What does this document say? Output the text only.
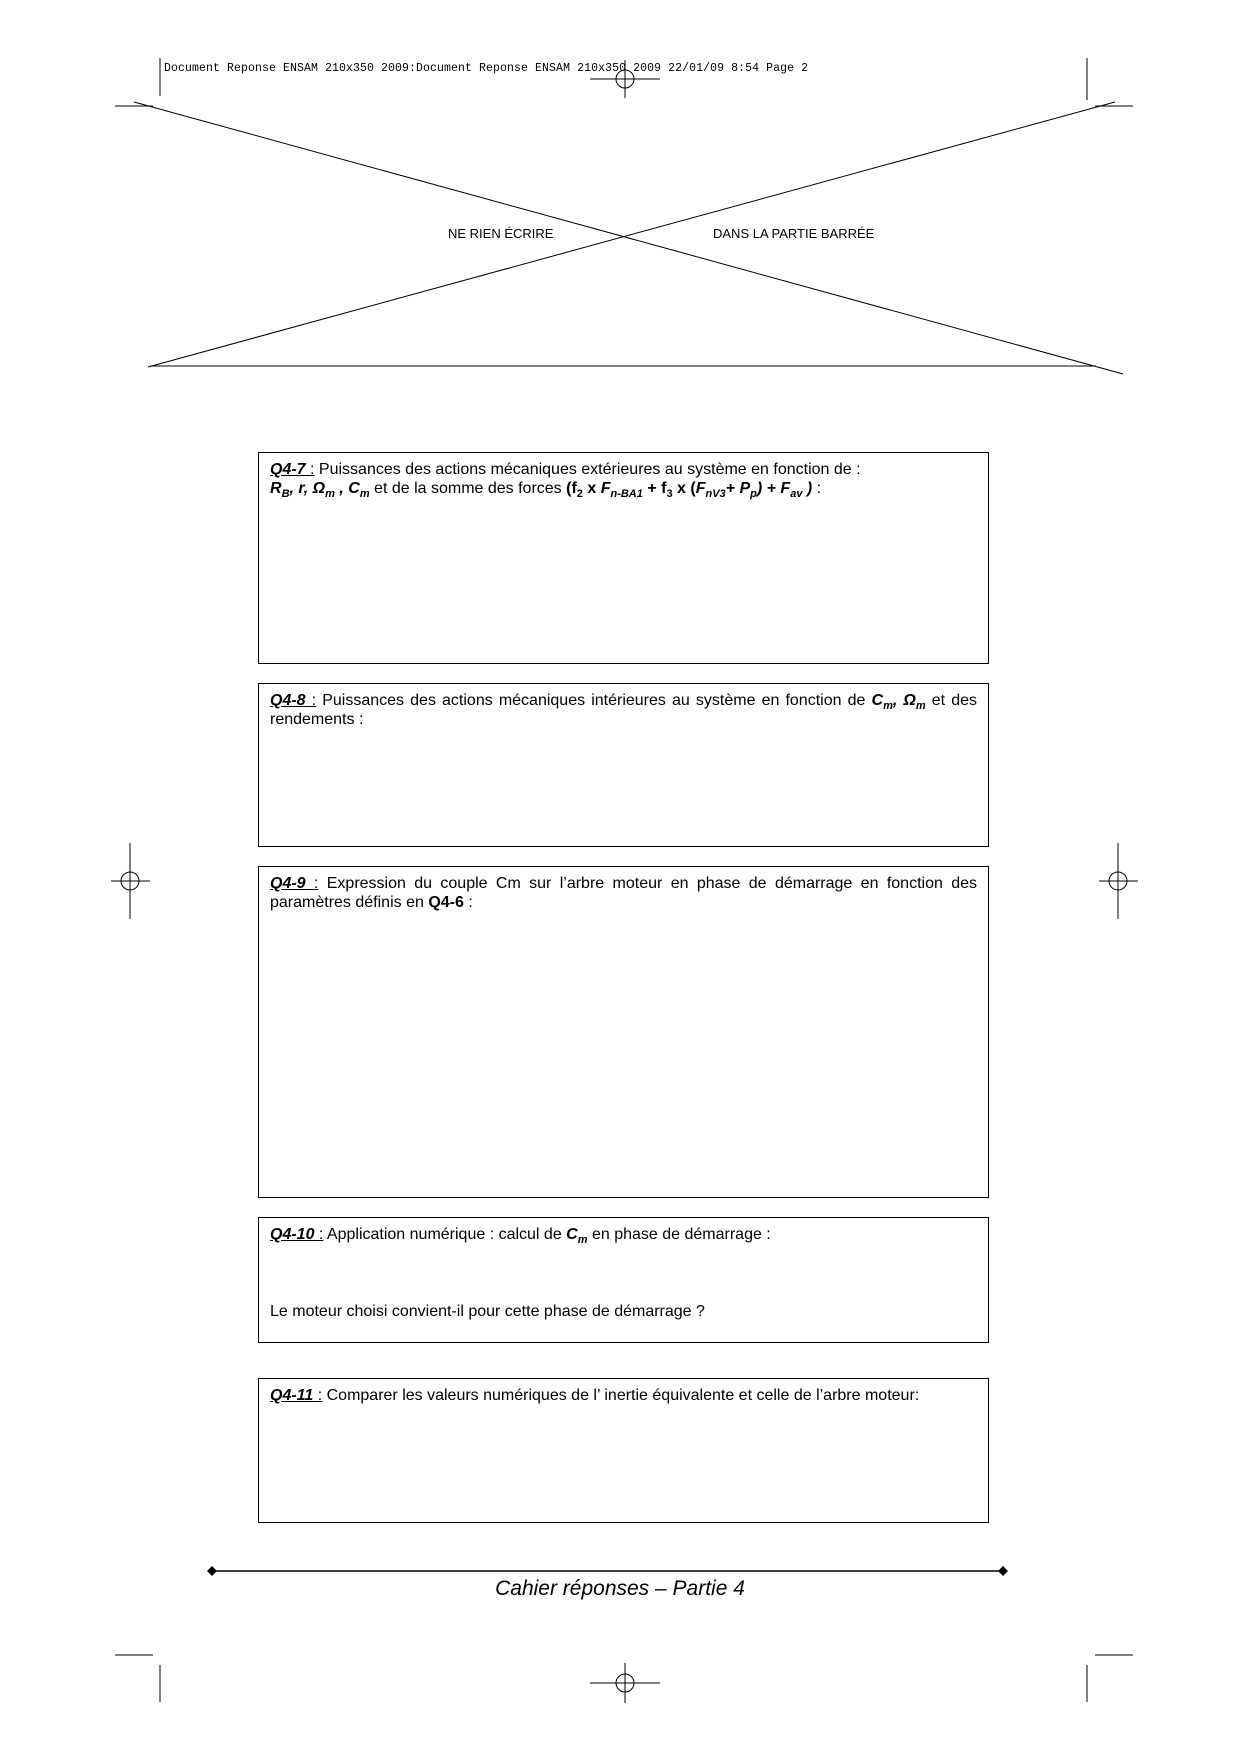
Document Reponse ENSAM 210x350 2009:Document Reponse ENSAM 210x350 2009 22/01/09 8:54 Page 2
NE RIEN ÉCRIRE	DANS LA PARTIE BARRÉE

Q4-7 : Puissances des actions mécaniques extérieures au système en fonction de :

$R_B$, r, $\Omega_m$ , $C_m$ et de la somme des forces ($f_2$ x $F_{n-BA1} + f_3$ x $(F_{nV3}+ P_p) + F_{av}$ ) :

Q4-8 : Puissances des actions mécaniques intérieures au système en fonction de $C_m$, $\Omega_m$ et des rendements :

Q4-9 : Expression du couple Cm sur l’arbre moteur en phase de démarrage en fonction des paramètres définis en Q4-6 :

Q4-10 : Application numérique : calcul de $C_m$ en phase de démarrage :

Le moteur choisi convient-il pour cette phase de démarrage ?

Q4-11 : Comparer les valeurs numériques de l’ inertie équivalente et celle de l’arbre moteur:

Cahier réponses – Partie 4
